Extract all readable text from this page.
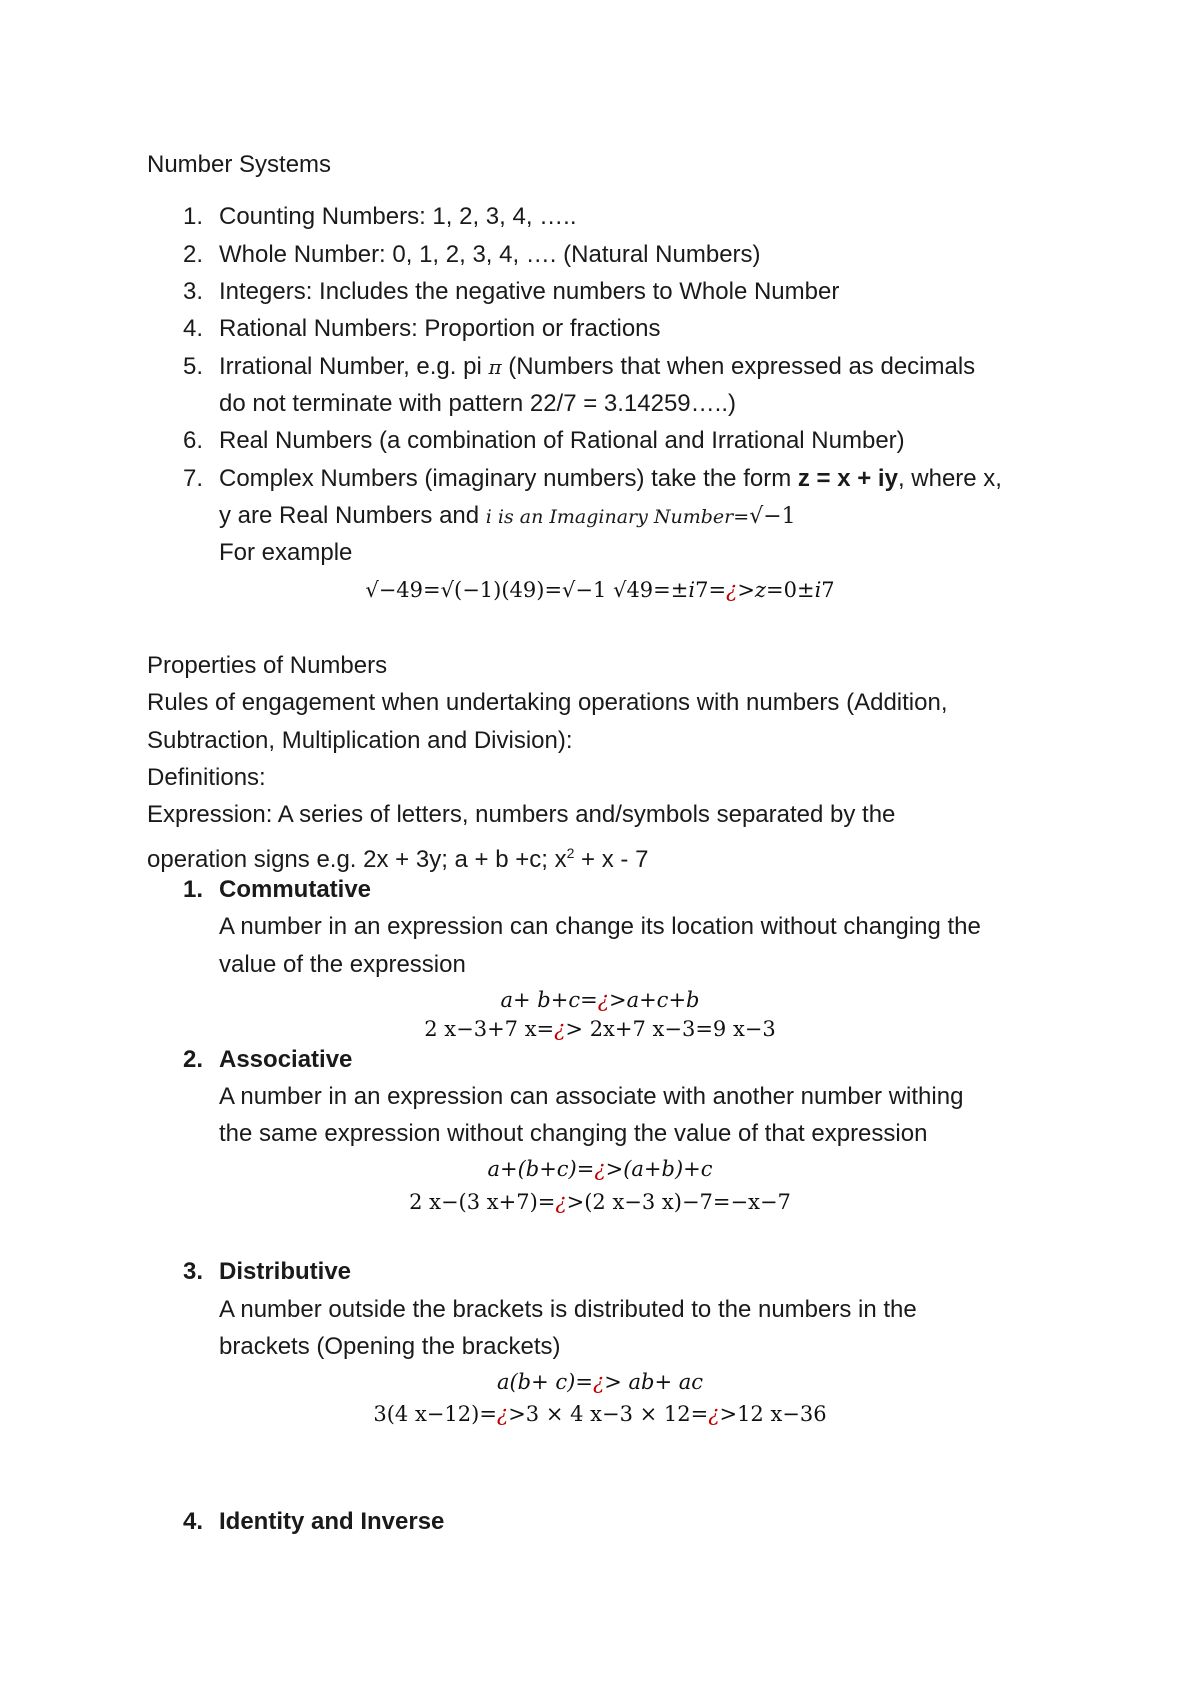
Number Systems
1. Counting Numbers: 1, 2, 3, 4, …..
2. Whole Number: 0, 1, 2, 3, 4, …. (Natural Numbers)
3. Integers: Includes the negative numbers to Whole Number
4. Rational Numbers: Proportion or fractions
5. Irrational Number, e.g. pi π (Numbers that when expressed as decimals
do not terminate with pattern 22/7 = 3.14259…..)
6. Real Numbers (a combination of Rational and Irrational Number)
7. Complex Numbers (imaginary numbers) take the form z = x + iy, where x,
y are Real Numbers and i is an Imaginary Number=√−1
For example
√−49=√(−1)(49)=√−1 √49=±i7=¿>z=0±i7
Properties of Numbers
Rules of engagement when undertaking operations with numbers (Addition,
Subtraction, Multiplication and Division):
Definitions:
Expression: A series of letters, numbers and/symbols separated by the
operation signs e.g. 2x + 3y; a + b +c; $x^2 + x - 7$
1. Commutative
A number in an expression can change its location without changing the
value of the expression
a+ b+c=¿>a+c+b
2 x−3+7 x=¿> 2x+7 x−3=9 x−3
2. Associative
A number in an expression can associate with another number withing
the same expression without changing the value of that expression
a+(b+c)=¿>(a+b)+c
2 x−(3 x+7)=¿>(2 x−3 x)−7=−x−7
3. Distributive
A number outside the brackets is distributed to the numbers in the
brackets (Opening the brackets)
a(b+ c)=¿> ab+ ac
3(4 x−12)=¿>3 × 4 x−3 × 12=¿>12 x−36
4. Identity and Inverse
